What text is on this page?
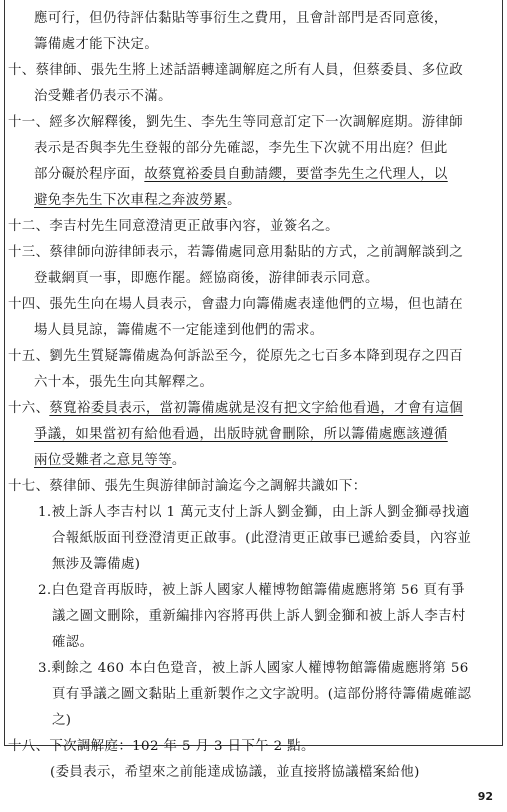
應可行，但仍待評估黏貼等事衍生之費用，且會計部門是否同意後，
籌備處才能下決定。
十、蔡律師、張先生將上述話語轉達調解庭之所有人員，但蔡委員、多位政
治受難者仍表示不滿。
十一、經多次解釋後，劉先生、李先生等同意訂定下一次調解庭期。游律師
表示是否與李先生登報的部分先確認，李先生下次就不用出庭？但此
部分礙於程序面，故蔡寬裕委員自動請纓，要當李先生之代理人，以
避免李先生下次車程之奔波勞累。
十二、李吉村先生同意澄清更正啟事內容，並簽名之。
十三、蔡律師向游律師表示，若籌備處同意用黏貼的方式，之前調解談到之
登載網頁一事，即應作罷。經協商後，游律師表示同意。
十四、張先生向在場人員表示，會盡力向籌備處表達他們的立場，但也請在
場人員見諒，籌備處不一定能達到他們的需求。
十五、劉先生質疑籌備處為何訴訟至今，從原先之七百多本降到現存之四百
六十本，張先生向其解釋之。
十六、蔡寬裕委員表示，當初籌備處就是沒有把文字給他看過，才會有這個
爭議，如果當初有給他看過，出版時就會刪除，所以籌備處應該遵循
兩位受難者之意見等等。
十七、蔡律師、張先生與游律師討論迄今之調解共識如下：
1.被上訴人李吉村以 1 萬元支付上訴人劉金獅，由上訴人劉金獅尋找適
合報紙版面刊登澄清更正啟事。(此澄清更正啟事已遞給委員，內容並
無涉及籌備處)
2.白色跫音再版時，被上訴人國家人權博物館籌備處應將第 56 頁有爭
議之圖文刪除，重新編排內容將再供上訴人劉金獅和被上訴人李吉村
確認。
3.剩餘之 460 本白色跫音，被上訴人國家人權博物館籌備處應將第 56
頁有爭議之圖文黏貼上重新製作之文字說明。(這部份將待籌備處確認
之)
十八、下次調解庭：102 年 5 月 3 日下午 2 點。
(委員表示，希望來之前能達成協議，並直接將協議檔案給他)
92
